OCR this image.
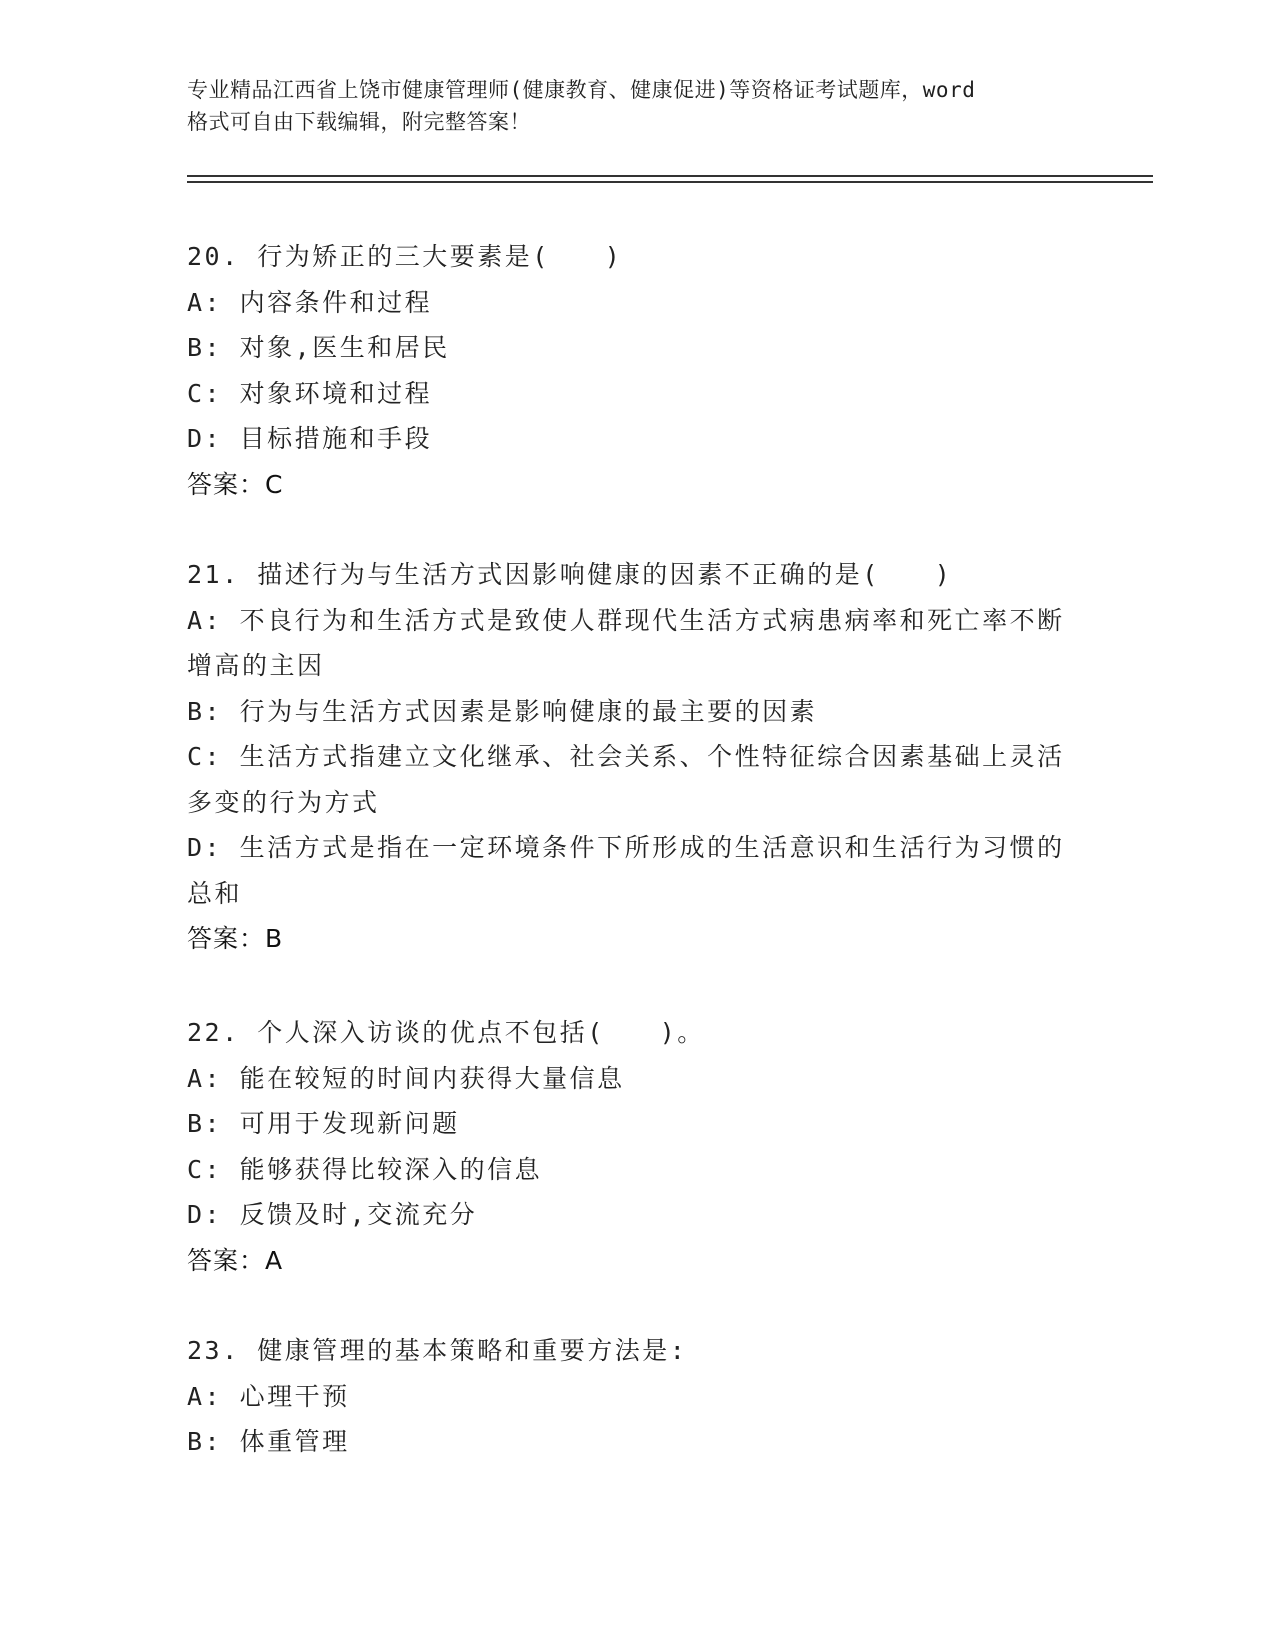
专业精品江西省上饶市健康管理师(健康教育、健康促进)等资格证考试题库，word
格式可自由下载编辑，附完整答案！
20. 行为矫正的三大要素是(　　)
A: 内容条件和过程
B: 对象,医生和居民
C: 对象环境和过程
D: 目标措施和手段
答案：C
21. 描述行为与生活方式因影响健康的因素不正确的是(　　)
A: 不良行为和生活方式是致使人群现代生活方式病患病率和死亡率不断增高的主因
B: 行为与生活方式因素是影响健康的最主要的因素
C: 生活方式指建立文化继承、社会关系、个性特征综合因素基础上灵活多变的行为方式
D: 生活方式是指在一定环境条件下所形成的生活意识和生活行为习惯的总和
答案：B
22. 个人深入访谈的优点不包括(　　)。
A: 能在较短的时间内获得大量信息
B: 可用于发现新问题
C: 能够获得比较深入的信息
D: 反馈及时,交流充分
答案：A
23. 健康管理的基本策略和重要方法是:
A: 心理干预
B: 体重管理
